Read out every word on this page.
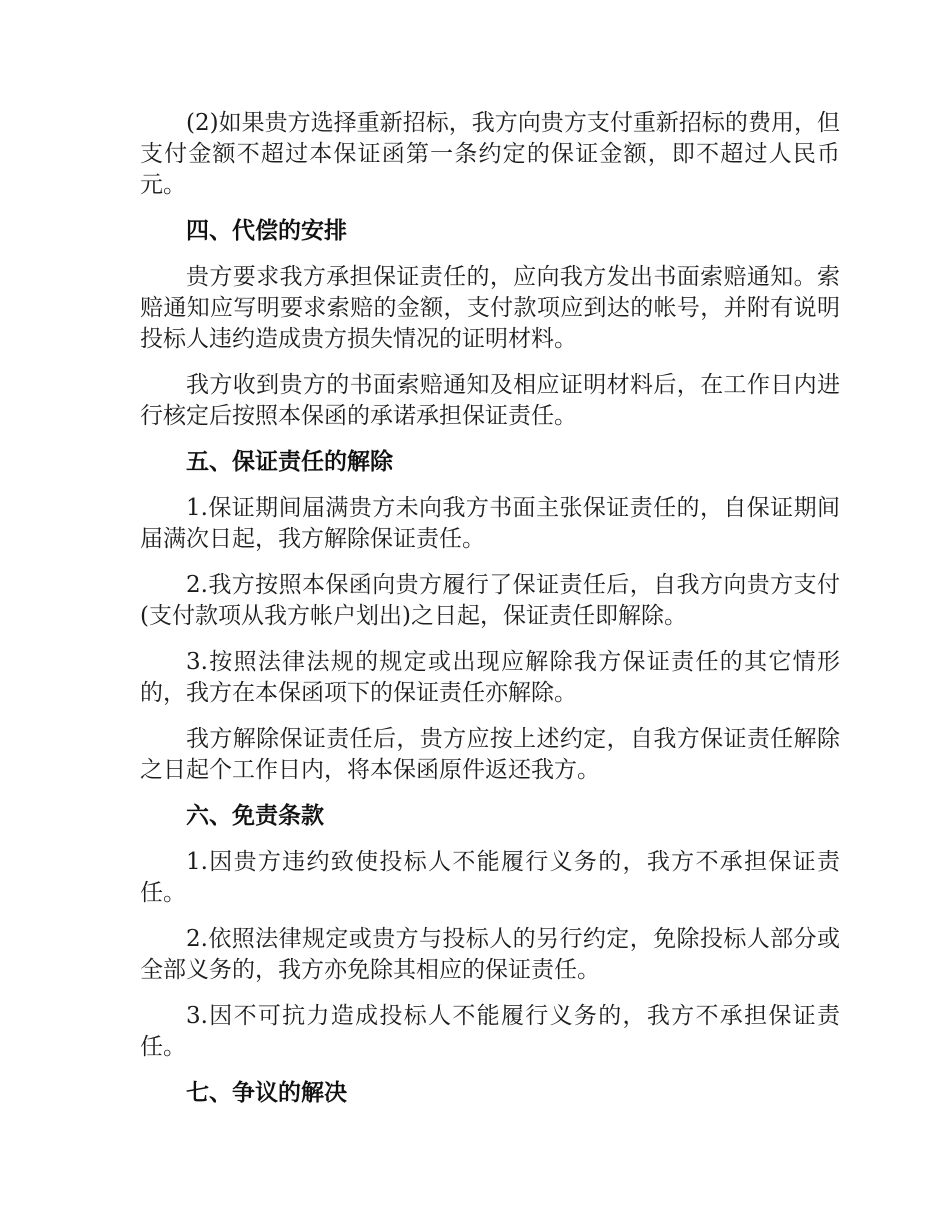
(2)如果贵方选择重新招标，我方向贵方支付重新招标的费用，但支付金额不超过本保证函第一条约定的保证金额，即不超过人民币元。

四、代偿的安排

贵方要求我方承担保证责任的，应向我方发出书面索赔通知。索赔通知应写明要求索赔的金额，支付款项应到达的帐号，并附有说明投标人违约造成贵方损失情况的证明材料。

我方收到贵方的书面索赔通知及相应证明材料后，在工作日内进行核定后按照本保函的承诺承担保证责任。

五、保证责任的解除

1.保证期间届满贵方未向我方书面主张保证责任的，自保证期间届满次日起，我方解除保证责任。

2.我方按照本保函向贵方履行了保证责任后，自我方向贵方支付(支付款项从我方帐户划出)之日起，保证责任即解除。

3.按照法律法规的规定或出现应解除我方保证责任的其它情形的，我方在本保函项下的保证责任亦解除。

我方解除保证责任后，贵方应按上述约定，自我方保证责任解除之日起个工作日内，将本保函原件返还我方。

六、免责条款

1.因贵方违约致使投标人不能履行义务的，我方不承担保证责任。

2.依照法律规定或贵方与投标人的另行约定，免除投标人部分或全部义务的，我方亦免除其相应的保证责任。

3.因不可抗力造成投标人不能履行义务的，我方不承担保证责任。

七、争议的解决
